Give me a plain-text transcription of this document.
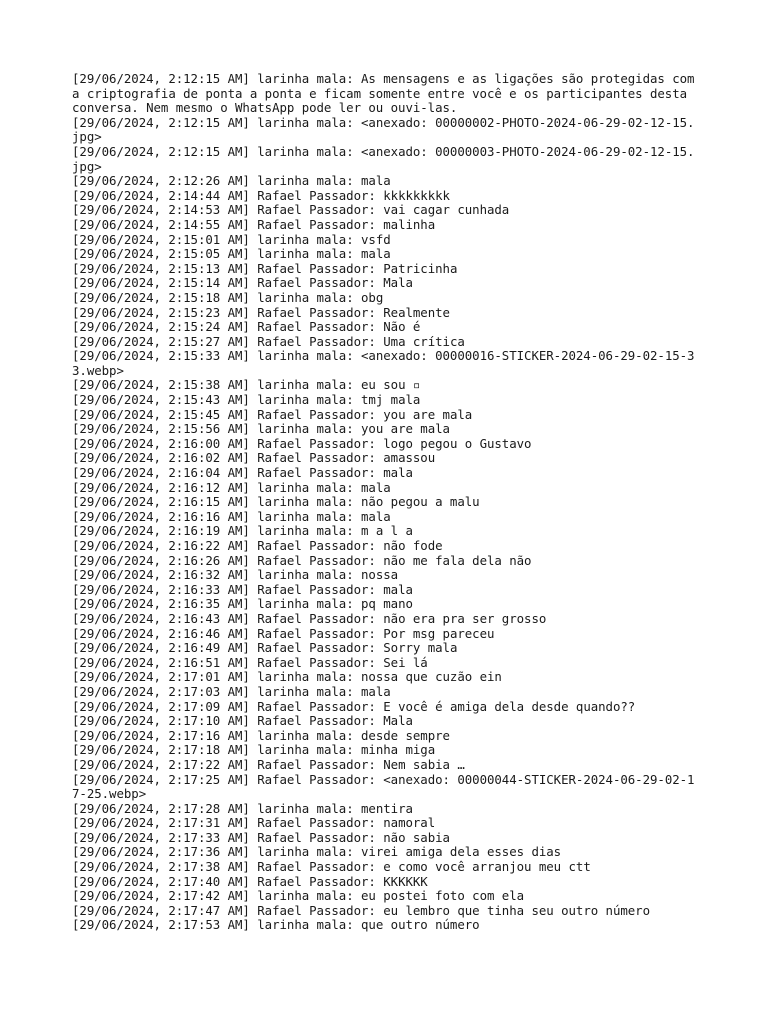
[29/06/2024, 2:12:15 AM] larinha mala: As mensagens e as ligações são protegidas com a criptografia de ponta a ponta e ficam somente entre você e os participantes desta conversa. Nem mesmo o WhatsApp pode ler ou ouvi-las.

[29/06/2024, 2:12:15 AM] larinha mala: <anexado: 00000002-PHOTO-2024-06-29-02-12-15.jpg>

[29/06/2024, 2:12:15 AM] larinha mala: <anexado: 00000003-PHOTO-2024-06-29-02-12-15.jpg>

[29/06/2024, 2:12:26 AM] larinha mala: mala

[29/06/2024, 2:14:44 AM] Rafael Passador: kkkkkkkkk

[29/06/2024, 2:14:53 AM] Rafael Passador: vai cagar cunhada

[29/06/2024, 2:14:55 AM] Rafael Passador: malinha

[29/06/2024, 2:15:01 AM] larinha mala: vsfd

[29/06/2024, 2:15:05 AM] larinha mala: mala

[29/06/2024, 2:15:13 AM] Rafael Passador: Patricinha

[29/06/2024, 2:15:14 AM] Rafael Passador: Mala

[29/06/2024, 2:15:18 AM] larinha mala: obg

[29/06/2024, 2:15:23 AM] Rafael Passador: Realmente

[29/06/2024, 2:15:24 AM] Rafael Passador: Não é

[29/06/2024, 2:15:27 AM] Rafael Passador: Uma crítica

[29/06/2024, 2:15:33 AM] larinha mala: <anexado: 00000016-STICKER-2024-06-29-02-15-33.webp>

[29/06/2024, 2:15:38 AM] larinha mala: eu sou ▫

[29/06/2024, 2:15:43 AM] larinha mala: tmj mala

[29/06/2024, 2:15:45 AM] Rafael Passador: you are mala

[29/06/2024, 2:15:56 AM] larinha mala: you are mala

[29/06/2024, 2:16:00 AM] Rafael Passador: logo pegou o Gustavo

[29/06/2024, 2:16:02 AM] Rafael Passador: amassou

[29/06/2024, 2:16:04 AM] Rafael Passador: mala

[29/06/2024, 2:16:12 AM] larinha mala: mala

[29/06/2024, 2:16:15 AM] larinha mala: não pegou a malu

[29/06/2024, 2:16:16 AM] larinha mala: mala

[29/06/2024, 2:16:19 AM] larinha mala: m a l a

[29/06/2024, 2:16:22 AM] Rafael Passador: não fode

[29/06/2024, 2:16:26 AM] Rafael Passador: não me fala dela não

[29/06/2024, 2:16:32 AM] larinha mala: nossa

[29/06/2024, 2:16:33 AM] Rafael Passador: mala

[29/06/2024, 2:16:35 AM] larinha mala: pq mano

[29/06/2024, 2:16:43 AM] Rafael Passador: não era pra ser grosso

[29/06/2024, 2:16:46 AM] Rafael Passador: Por msg pareceu

[29/06/2024, 2:16:49 AM] Rafael Passador: Sorry mala

[29/06/2024, 2:16:51 AM] Rafael Passador: Sei lá

[29/06/2024, 2:17:01 AM] larinha mala: nossa que cuzão ein

[29/06/2024, 2:17:03 AM] larinha mala: mala

[29/06/2024, 2:17:09 AM] Rafael Passador: E você é amiga dela desde quando??

[29/06/2024, 2:17:10 AM] Rafael Passador: Mala

[29/06/2024, 2:17:16 AM] larinha mala: desde sempre

[29/06/2024, 2:17:18 AM] larinha mala: minha miga

[29/06/2024, 2:17:22 AM] Rafael Passador: Nem sabia …

[29/06/2024, 2:17:25 AM] Rafael Passador: <anexado: 00000044-STICKER-2024-06-29-02-17-25.webp>

[29/06/2024, 2:17:28 AM] larinha mala: mentira

[29/06/2024, 2:17:31 AM] Rafael Passador: namoral

[29/06/2024, 2:17:33 AM] Rafael Passador: não sabia

[29/06/2024, 2:17:36 AM] larinha mala: virei amiga dela esses dias

[29/06/2024, 2:17:38 AM] Rafael Passador: e como você arranjou meu ctt

[29/06/2024, 2:17:40 AM] Rafael Passador: KKKKKK

[29/06/2024, 2:17:42 AM] larinha mala: eu postei foto com ela

[29/06/2024, 2:17:47 AM] Rafael Passador: eu lembro que tinha seu outro número

[29/06/2024, 2:17:53 AM] larinha mala: que outro número
